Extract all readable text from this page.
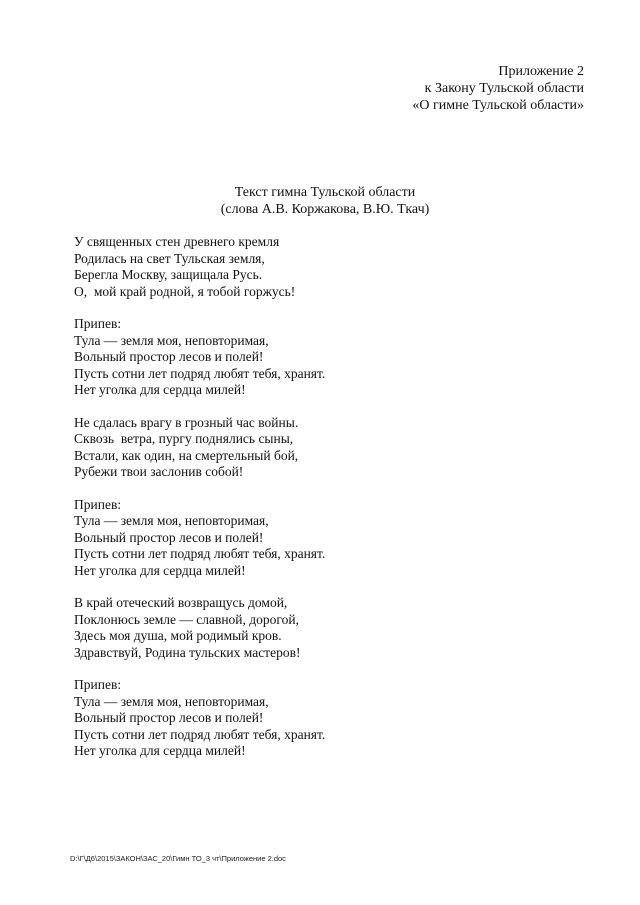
Приложение 2
к Закону Тульской области
«О гимне Тульской области»
Текст гимна Тульской области
(слова А.В. Коржакова, В.Ю. Ткач)
У священных стен древнего кремля
Родилась на свет Тульская земля,
Берегла Москву, защищала Русь.
О,  мой край родной, я тобой горжусь!
Припев:
Тула — земля моя, неповторимая,
Вольный простор лесов и полей!
Пусть сотни лет подряд любят тебя, хранят.
Нет уголка для сердца милей!
Не сдалась врагу в грозный час войны.
Сквозь  ветра, пургу поднялись сыны,
Встали, как один, на смертельный бой,
Рубежи твои заслонив собой!
Припев:
Тула — земля моя, неповторимая,
Вольный простор лесов и полей!
Пусть сотни лет подряд любят тебя, хранят.
Нет уголка для сердца милей!
В край отеческий возвращусь домой,
Поклонюсь земле — славной, дорогой,
Здесь моя душа, мой родимый кров.
Здравствуй, Родина тульских мастеров!
Припев:
Тула — земля моя, неповторимая,
Вольный простор лесов и полей!
Пусть сотни лет подряд любят тебя, хранят.
Нет уголка для сердца милей!
D:\Г\Д6\2015\ЗАКОН\ЗАС_20\Гимн ТО_3 чт\Приложение 2.doc
